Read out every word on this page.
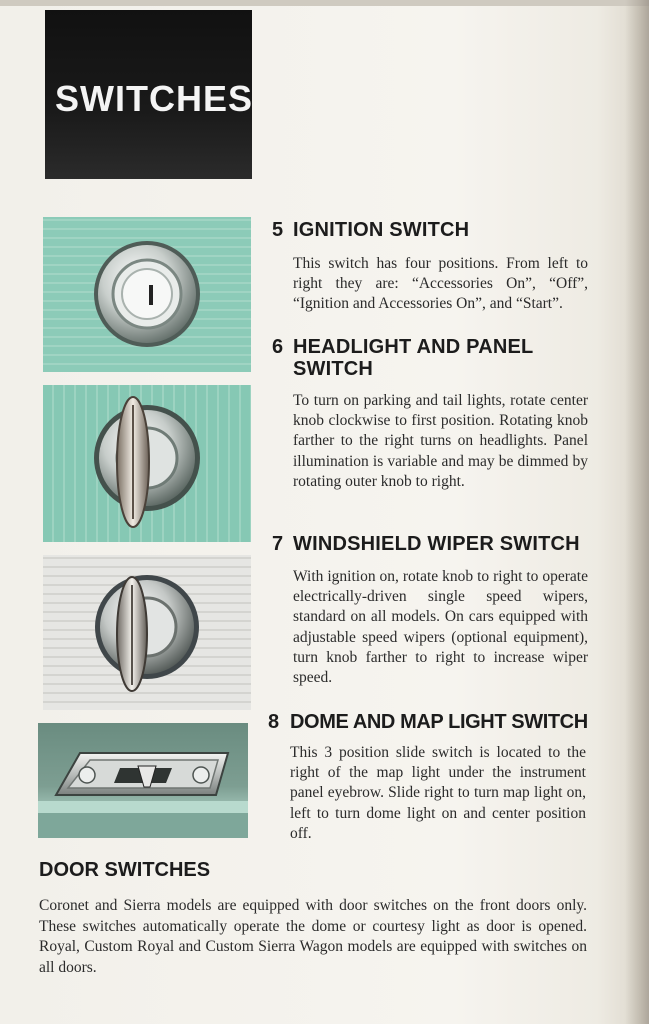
SWITCHES
5 IGNITION SWITCH

This switch has four positions. From left to right they are: “Accessories On”, “Off”, “Ignition and Accessories On”, and “Start”.

6 HEADLIGHT AND PANEL
SWITCH

To turn on parking and tail lights, rotate center knob clockwise to first position. Rotating knob farther to the right turns on headlights. Panel illumination is variable and may be dimmed by rotating outer knob to right.

7 WINDSHIELD WIPER SWITCH

With ignition on, rotate knob to right to operate electrically-driven single speed wipers, standard on all models. On cars equipped with adjustable speed wipers (optional equipment), turn knob farther to right to increase wiper speed.

8 DOME AND MAP LIGHT SWITCH

This 3 position slide switch is located to the right of the map light under the instrument panel eyebrow. Slide right to turn map light on, left to turn dome light on and center position off.

DOOR SWITCHES

Coronet and Sierra models are equipped with door switches on the front doors only. These switches automatically operate the dome or courtesy light as door is opened. Royal, Custom Royal and Custom Sierra Wagon models are equipped with switches on all doors.
